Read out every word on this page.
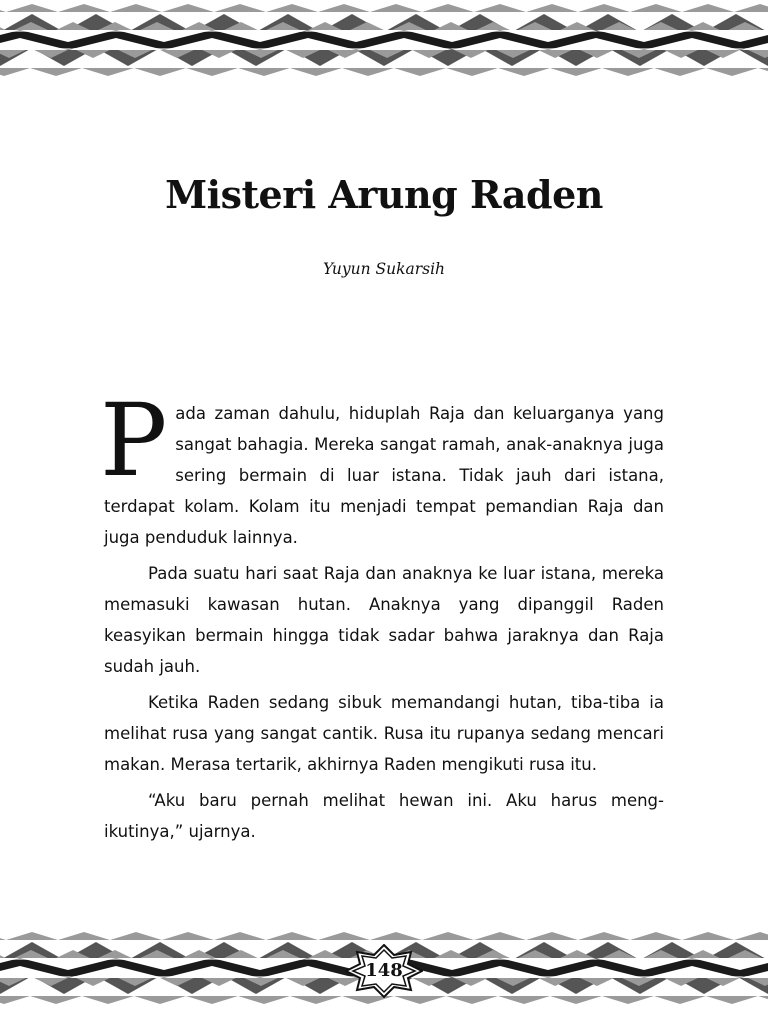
Misteri Arung Raden

Yuyun Sukarsih

Pada zaman dahulu, hiduplah Raja dan keluarganya yang sangat bahagia. Mereka sangat ramah, anak-anaknya juga sering bermain di luar istana. Tidak jauh dari istana, terdapat kolam. Kolam itu menjadi tempat pemandian Raja dan juga penduduk lainnya.

Pada suatu hari saat Raja dan anaknya ke luar istana, mereka memasuki kawasan hutan. Anaknya yang dipanggil Raden keasyikan bermain hingga tidak sadar bahwa jaraknya dan Raja sudah jauh.

Ketika Raden sedang sibuk memandangi hutan, tiba-tiba ia melihat rusa yang sangat cantik. Rusa itu rupanya sedang mencari makan. Merasa tertarik, akhirnya Raden mengikuti rusa itu.

“Aku baru pernah melihat hewan ini. Aku harus meng-ikutinya,” ujarnya.

148
